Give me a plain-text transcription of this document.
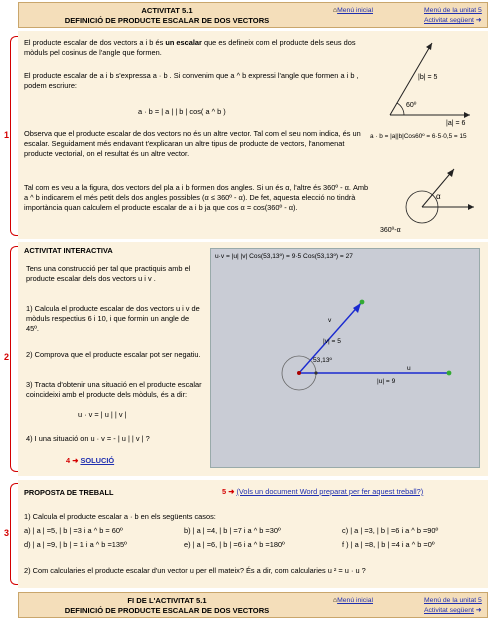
ACTIVITAT 5.1
DEFINICIÓ DE PRODUCTE ESCALAR DE DOS VECTORS
⌂Menú inicial	Menú de la unitat 5
Activitat següent ➜
1

El producte escalar de dos vectors a i b és un escalar que es defineix com el producte dels seus dos mòduls pel cosinus de l'angle que formen.

El producte escalar de a i b s'expressa a · b . Si convenim que a ^ b expressi l'angle que formen a i b , podem escriure:

a · b = | a | | b | cos( a ^ b )

Observa que el producte escalar de dos vectors no és un altre vector. Tal com el seu nom indica, és un escalar. Seguidament més endavant t'explicaran un altre tipus de producte de vectors, l'anomenat producte vectorial, on el resultat és un altre vector.

Tal com es veu a la figura, dos vectors del pla a i b formen dos angles. Si un és α, l'altre és 360º - α. Amb a ^ b indicarem el més petit dels dos angles possibles (α ≤ 360º - α). De fet, aquesta elecció no tindrà importància quan calculem el producte escalar de a i b ja que cos α = cos(360º - α).

60º
|b| = 5
|a| = 6

a · b = |a||b|Cos60º = 6·5·0,5 = 15

α
360º-α
2

ACTIVITAT INTERACTIVA

Tens una construcció per tal que practiquis amb el producte escalar dels dos vectors u i v .

1) Calcula el producte escalar de dos vectors u i v de mòduls respectius 6 i 10, i que formin un angle de 45º.

2) Comprova que el producte escalar pot ser negatiu.

3) Tracta d'obtenir una situació en el producte escalar coincideixi amb el producte dels mòduls, és a dir:

u · v = | u | | v |

4) I una situació on u · v = - | u | | v | ?

4 ➜ SOLUCIÓ
u·v = |u| |v| Cos(53,13º) = 9·5 Cos(53,13º) = 27
v
|v| = 5
53,13º
u
|u| = 9
3

PROPOSTA DE TREBALL	5 ➜ (Vols un document Word preparat per fer aquest treball?)

1) Calcula el producte escalar a · b en els següents casos:

a) | a | =5, | b | =3 i a ^ b = 60º	b) | a | =4, | b | =7 i a ^ b =30º	c) | a | =3, | b | =6 i a ^ b =90º

d) | a | =9, | b | = 1 i a ^ b =135º	e) | a | =6, | b | =6 i a ^ b =180º	f ) | a | =8, | b | =4 i a ^ b =0º

2) Com calcularies el producte escalar d'un vector u per ell mateix? És a dir, com calcularies u ² = u · u ?

FI DE L'ACTIVITAT 5.1
DEFINICIÓ DE PRODUCTE ESCALAR DE DOS VECTORS
⌂Menú inicial	Menú de la unitat 5
Activitat següent ➜
